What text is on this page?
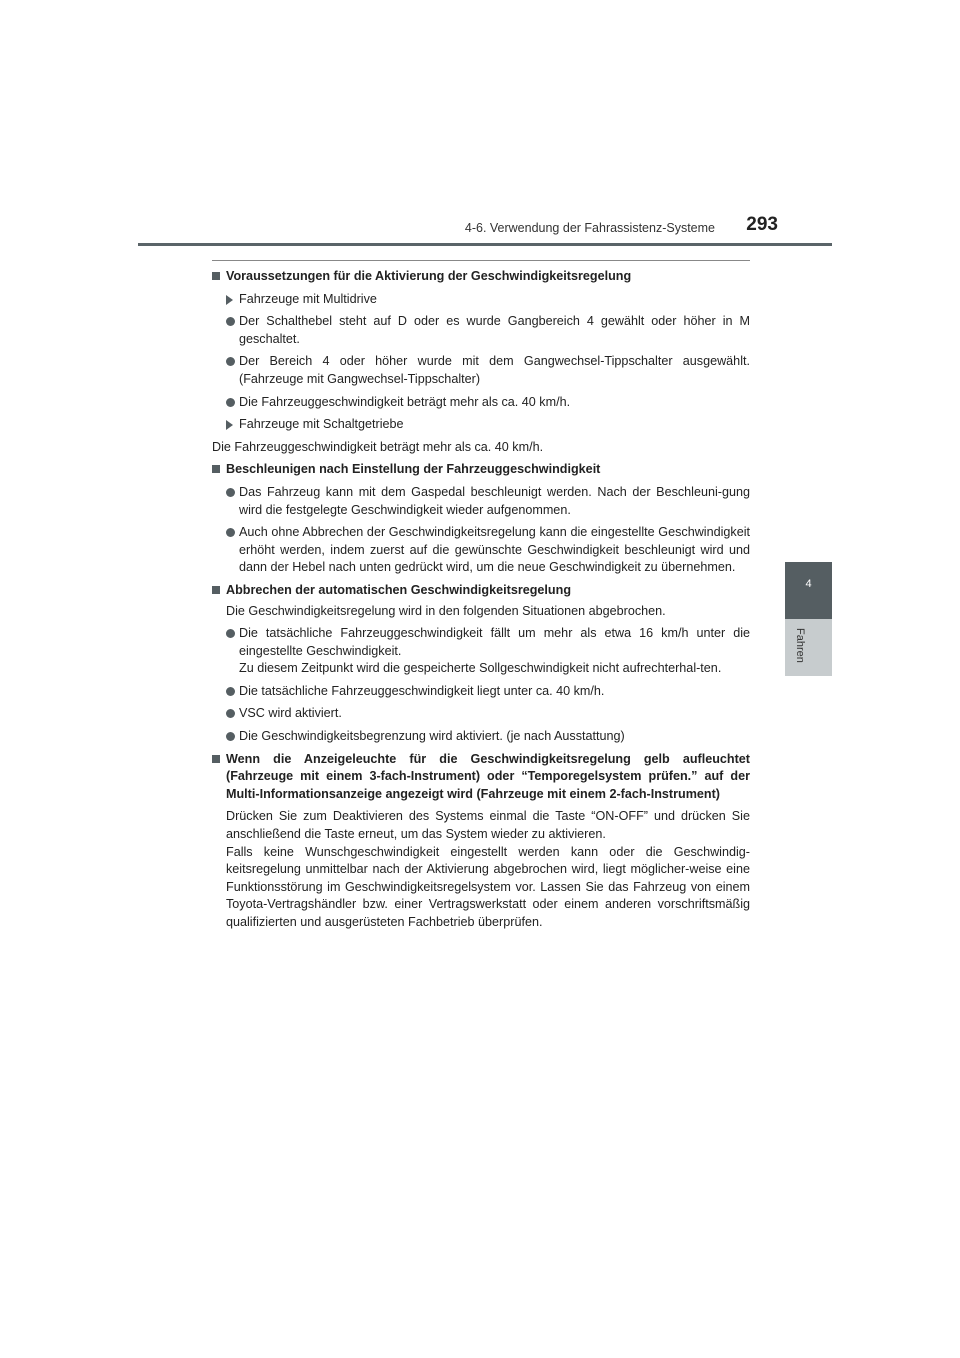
4-6. Verwendung der Fahrassistenz-Systeme	293
4
Fahren
Voraussetzungen für die Aktivierung der Geschwindigkeitsregelung
Fahrzeuge mit Multidrive
Der Schalthebel steht auf D oder es wurde Gangbereich 4 gewählt oder höher in M geschaltet.
Der Bereich 4 oder höher wurde mit dem Gangwechsel-Tippschalter ausgewählt. (Fahrzeuge mit Gangwechsel-Tippschalter)
Die Fahrzeuggeschwindigkeit beträgt mehr als ca. 40 km/h.
Fahrzeuge mit Schaltgetriebe
Die Fahrzeuggeschwindigkeit beträgt mehr als ca. 40 km/h.
Beschleunigen nach Einstellung der Fahrzeuggeschwindigkeit
Das Fahrzeug kann mit dem Gaspedal beschleunigt werden. Nach der Beschleuni-gung wird die festgelegte Geschwindigkeit wieder aufgenommen.
Auch ohne Abbrechen der Geschwindigkeitsregelung kann die eingestellte Geschwindigkeit erhöht werden, indem zuerst auf die gewünschte Geschwindigkeit beschleunigt wird und dann der Hebel nach unten gedrückt wird, um die neue Geschwindigkeit zu übernehmen.
Abbrechen der automatischen Geschwindigkeitsregelung
Die Geschwindigkeitsregelung wird in den folgenden Situationen abgebrochen.
Die tatsächliche Fahrzeuggeschwindigkeit fällt um mehr als etwa 16 km/h unter die eingestellte Geschwindigkeit.
Zu diesem Zeitpunkt wird die gespeicherte Sollgeschwindigkeit nicht aufrechterhal-ten.
Die tatsächliche Fahrzeuggeschwindigkeit liegt unter ca. 40 km/h.
VSC wird aktiviert.
Die Geschwindigkeitsbegrenzung wird aktiviert. (je nach Ausstattung)
Wenn die Anzeigeleuchte für die Geschwindigkeitsregelung gelb aufleuchtet (Fahrzeuge mit einem 3-fach-Instrument) oder “Temporegelsystem prüfen.” auf der Multi-Informationsanzeige angezeigt wird (Fahrzeuge mit einem 2-fach-Instrument)
Drücken Sie zum Deaktivieren des Systems einmal die Taste “ON-OFF” und drücken Sie anschließend die Taste erneut, um das System wieder zu aktivieren.
Falls keine Wunschgeschwindigkeit eingestellt werden kann oder die Geschwindig-keitsregelung unmittelbar nach der Aktivierung abgebrochen wird, liegt möglicher-weise eine Funktionsstörung im Geschwindigkeitsregelsystem vor. Lassen Sie das Fahrzeug von einem Toyota-Vertragshändler bzw. einer Vertragswerkstatt oder einem anderen vorschriftsmäßig qualifizierten und ausgerüsteten Fachbetrieb überprüfen.
